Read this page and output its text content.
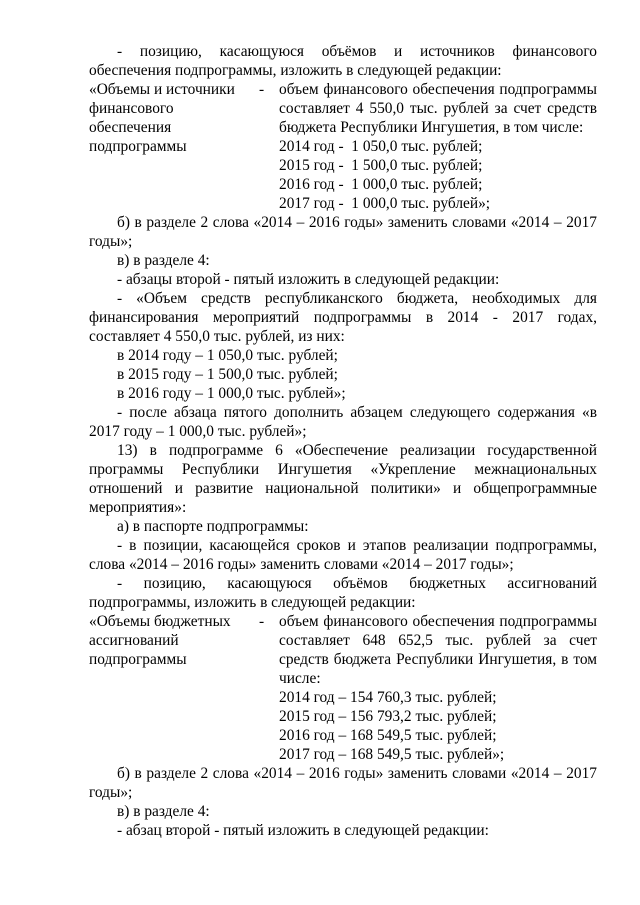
- позицию, касающуюся объёмов и источников финансового обеспечения подпрограммы, изложить в следующей редакции:

«Объемы и источники финансового обеспечения подпрограммы
- объем финансового обеспечения подпрограммы составляет 4 550,0 тыс. рублей за счет средств бюджета Республики Ингушетия, в том числе:

2014 год -  1 050,0 тыс. рублей;
2015 год -  1 500,0 тыс. рублей;
2016 год -  1 000,0 тыс. рублей;
2017 год -  1 000,0 тыс. рублей»;

б) в разделе 2 слова «2014 – 2016 годы» заменить словами «2014 – 2017 годы»;

в) в разделе 4:

- абзацы второй - пятый изложить в следующей редакции:

- «Объем средств республиканского бюджета, необходимых для финансирования мероприятий подпрограммы в 2014 - 2017 годах, составляет 4 550,0 тыс. рублей, из них:

в 2014 году – 1 050,0 тыс. рублей;

в 2015 году – 1 500,0 тыс. рублей;

в 2016 году – 1 000,0 тыс. рублей»;

- после абзаца пятого дополнить абзацем следующего содержания «в 2017 году – 1 000,0 тыс. рублей»;

13) в подпрограмме 6 «Обеспечение реализации государственной программы Республики Ингушетия «Укрепление межнациональных отношений и развитие национальной политики» и общепрограммные мероприятия»:

а) в паспорте подпрограммы:

- в позиции, касающейся сроков и этапов реализации подпрограммы, слова «2014 – 2016 годы» заменить словами «2014 – 2017 годы»;

- позицию, касающуюся объёмов бюджетных ассигнований подпрограммы, изложить в следующей редакции:

«Объемы бюджетных ассигнований подпрограммы
- объем финансового обеспечения подпрограммы составляет 648 652,5 тыс. рублей за счет средств бюджета Республики Ингушетия, в том числе:

2014 год – 154 760,3 тыс. рублей;
2015 год – 156 793,2 тыс. рублей;
2016 год – 168 549,5 тыс. рублей;
2017 год – 168 549,5 тыс. рублей»;

б) в разделе 2 слова «2014 – 2016 годы» заменить словами «2014 – 2017 годы»;

в) в разделе 4:

- абзац второй - пятый изложить в следующей редакции:
